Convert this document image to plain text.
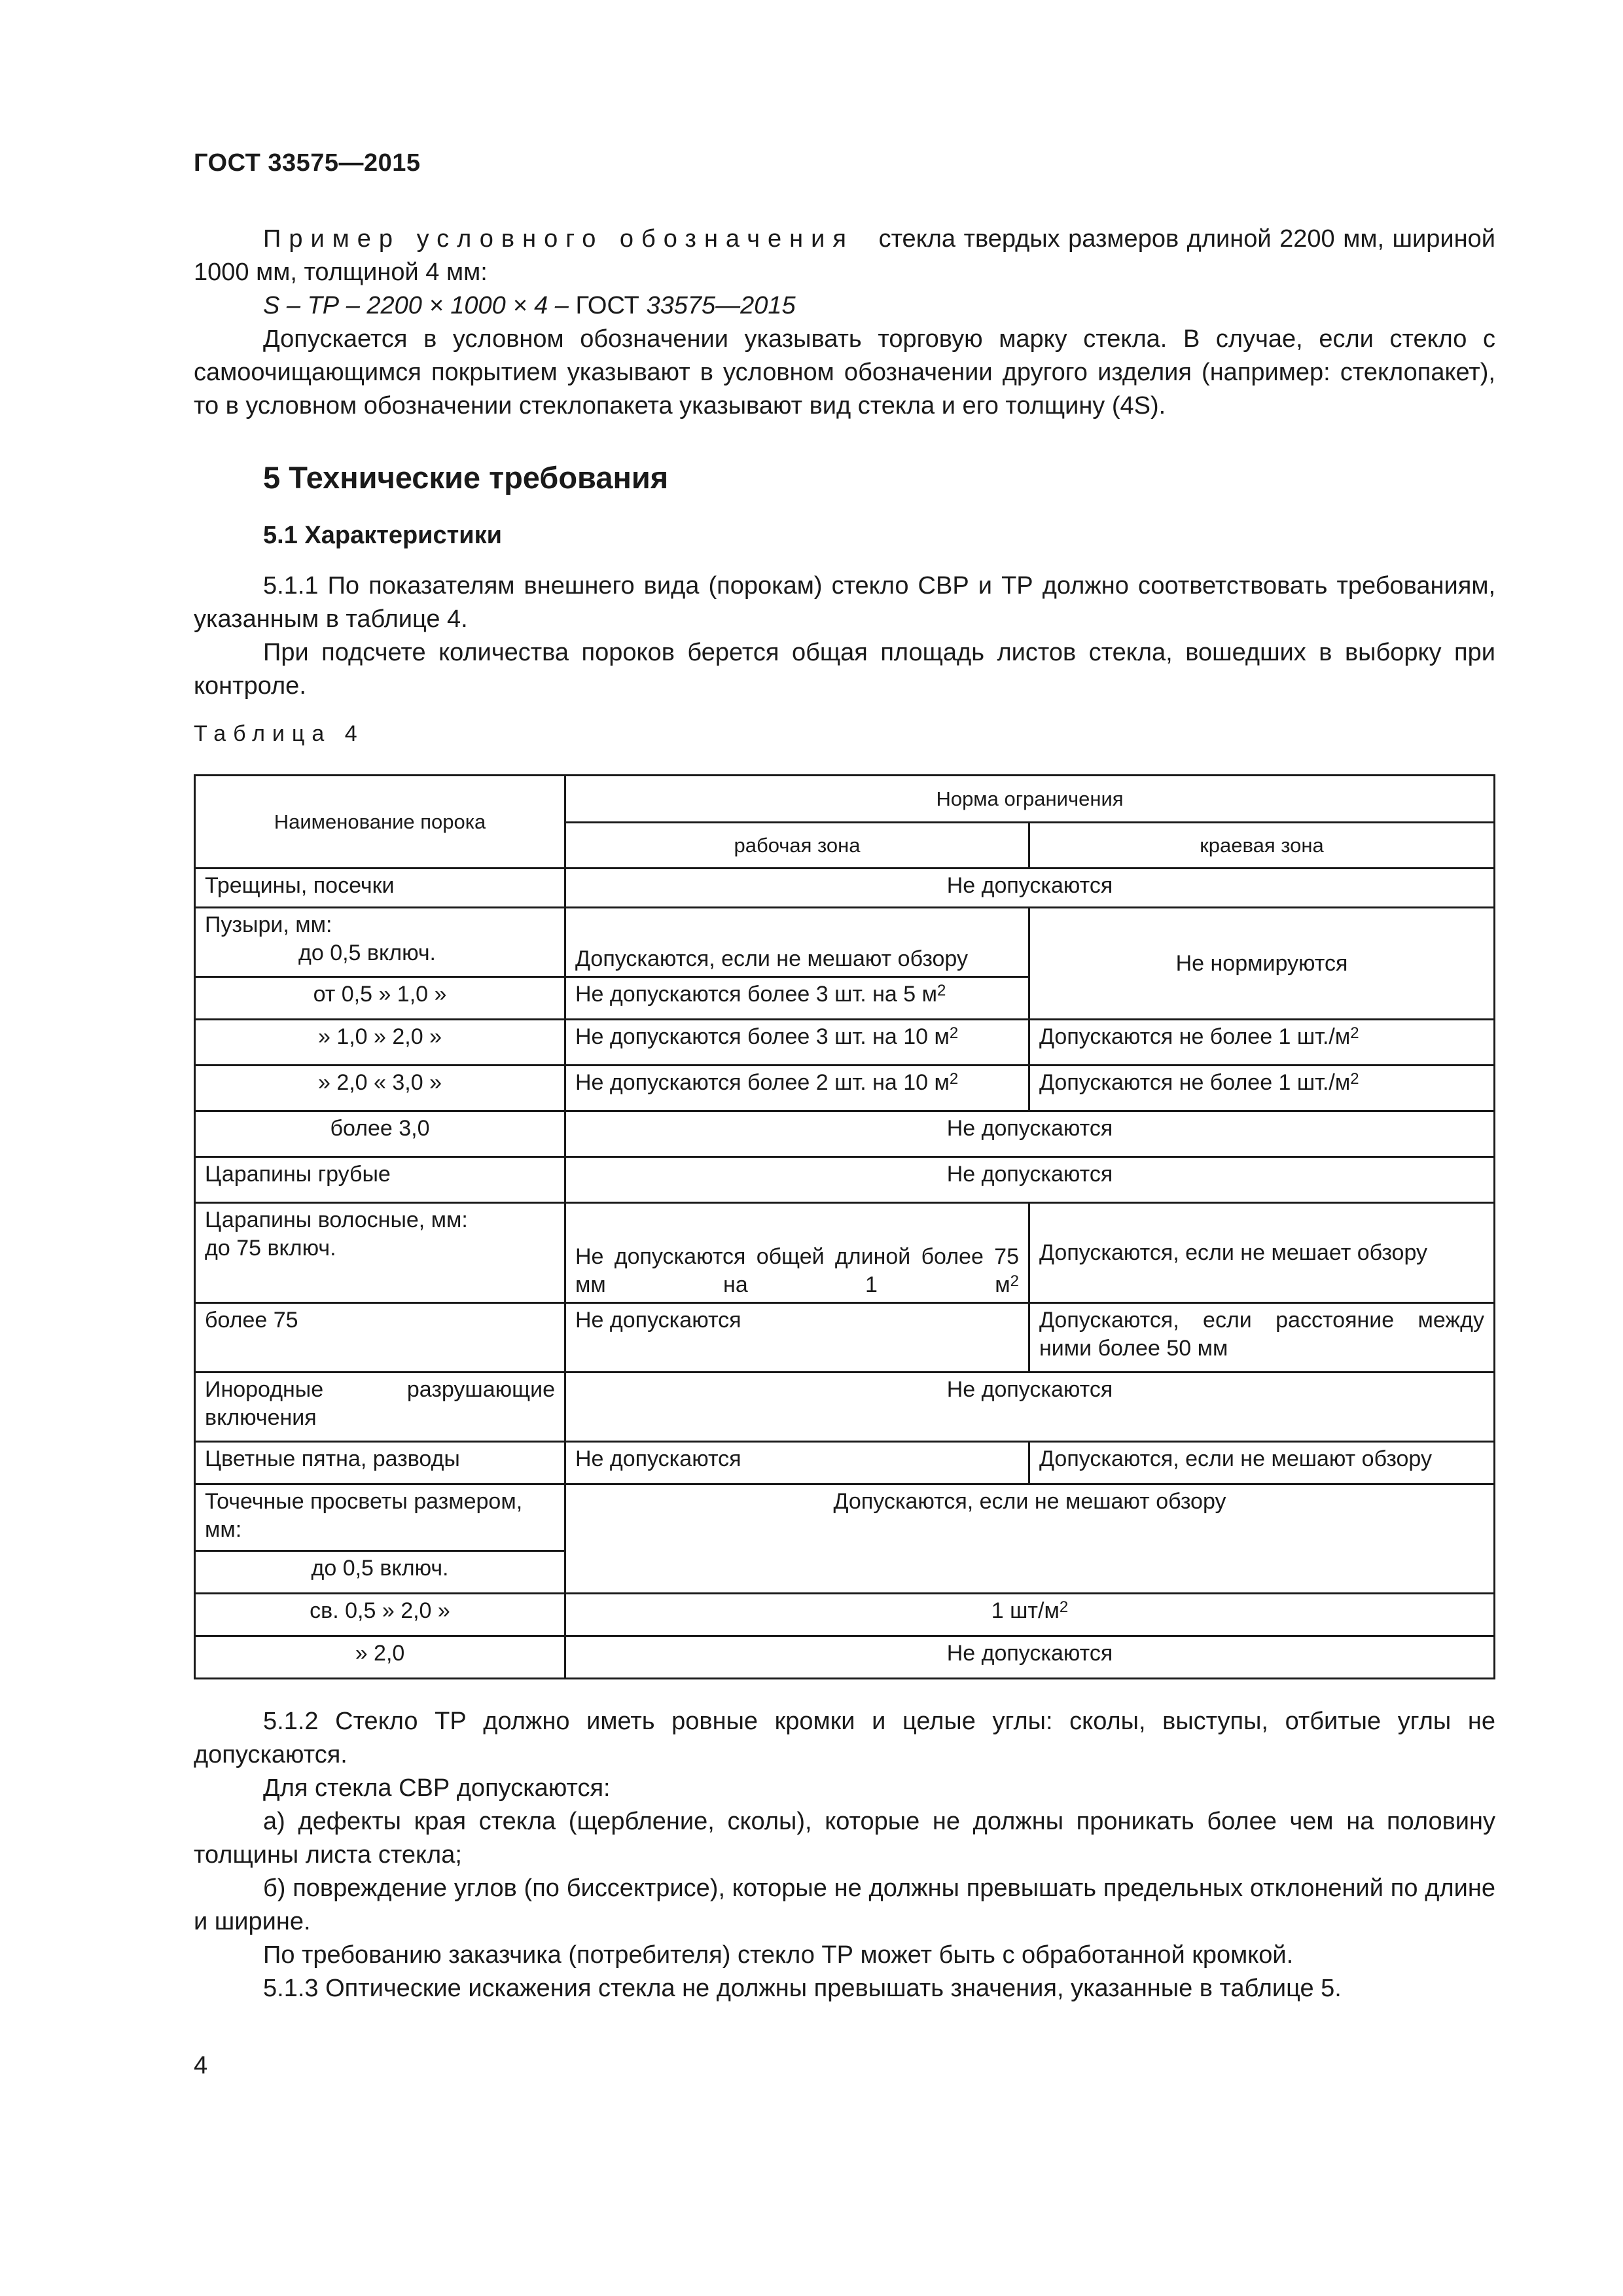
ГОСТ 33575—2015

Пример условного обозначения стекла твердых размеров длиной 2200 мм, шириной 1000 мм, толщиной 4 мм:

S – ТР – 2200 × 1000 × 4 – ГОСТ 33575—2015

Допускается в условном обозначении указывать торговую марку стекла. В случае, если стекло с самоочищающимся покрытием указывают в условном обозначении другого изделия (например: стеклопакет), то в условном обозначении стеклопакета указывают вид стекла и его толщину (4S).

5 Технические требования
5.1 Характеристики

5.1.1 По показателям внешнего вида (порокам) стекло СВР и ТР должно соответствовать требованиям, указанным в таблице 4.

При подсчете количества пороков берется общая площадь листов стекла, вошедших в выборку при контроле.

Таблица 4
Наименование порока	Норма ограничения	
	рабочая зона	краевая зона
Трещины, посечки	Не допускаются	

Пузыри, мм:
до 0,5 включ.	Допускаются, если не мешают обзору	Не нормируются
от 0,5 » 1,0 »	Не допускаются более 3 шт. на 5 $м^2$
» 1,0 » 2,0 »	Не допускаются более 3 шт. на 10 $м^2$	Допускаются не более 1 $шт./м^2$
» 2,0 « 3,0 »	Не допускаются более 2 шт. на 10 $м^2$	Допускаются не более 1 $шт./м^2$
более 3,0	Не допускаются	
Царапины грубые	Не допускаются	

Царапины волосные, мм:
до 75 включ.	Не допускаются общей длиной более 75 мм на 1 $м^2$	Допускаются, если не мешает обзору
более 75	Не допускаются	Допускаются, если расстояние между ними более 50 мм
Инородные разрушающие включения	Не допускаются	
Цветные пятна, разводы	Не допускаются	Допускаются, если не мешают обзору
Точечные просветы размером, мм:	Допускаются, если не мешают обзору	
до 0,5 включ.		
св. 0,5 » 2,0 »	1 $шт/м^2$
» 2,0	Не допускаются	

5.1.2 Стекло ТР должно иметь ровные кромки и целые углы: сколы, выступы, отбитые углы не допускаются.

Для стекла СВР допускаются:

а) дефекты края стекла (щербление, сколы), которые не должны проникать более чем на половину толщины листа стекла;

б) повреждение углов (по биссектрисе), которые не должны превышать предельных отклонений по длине и ширине.

По требованию заказчика (потребителя) стекло ТР может быть с обработанной кромкой.

5.1.3 Оптические искажения стекла не должны превышать значения, указанные в таблице 5.

4
